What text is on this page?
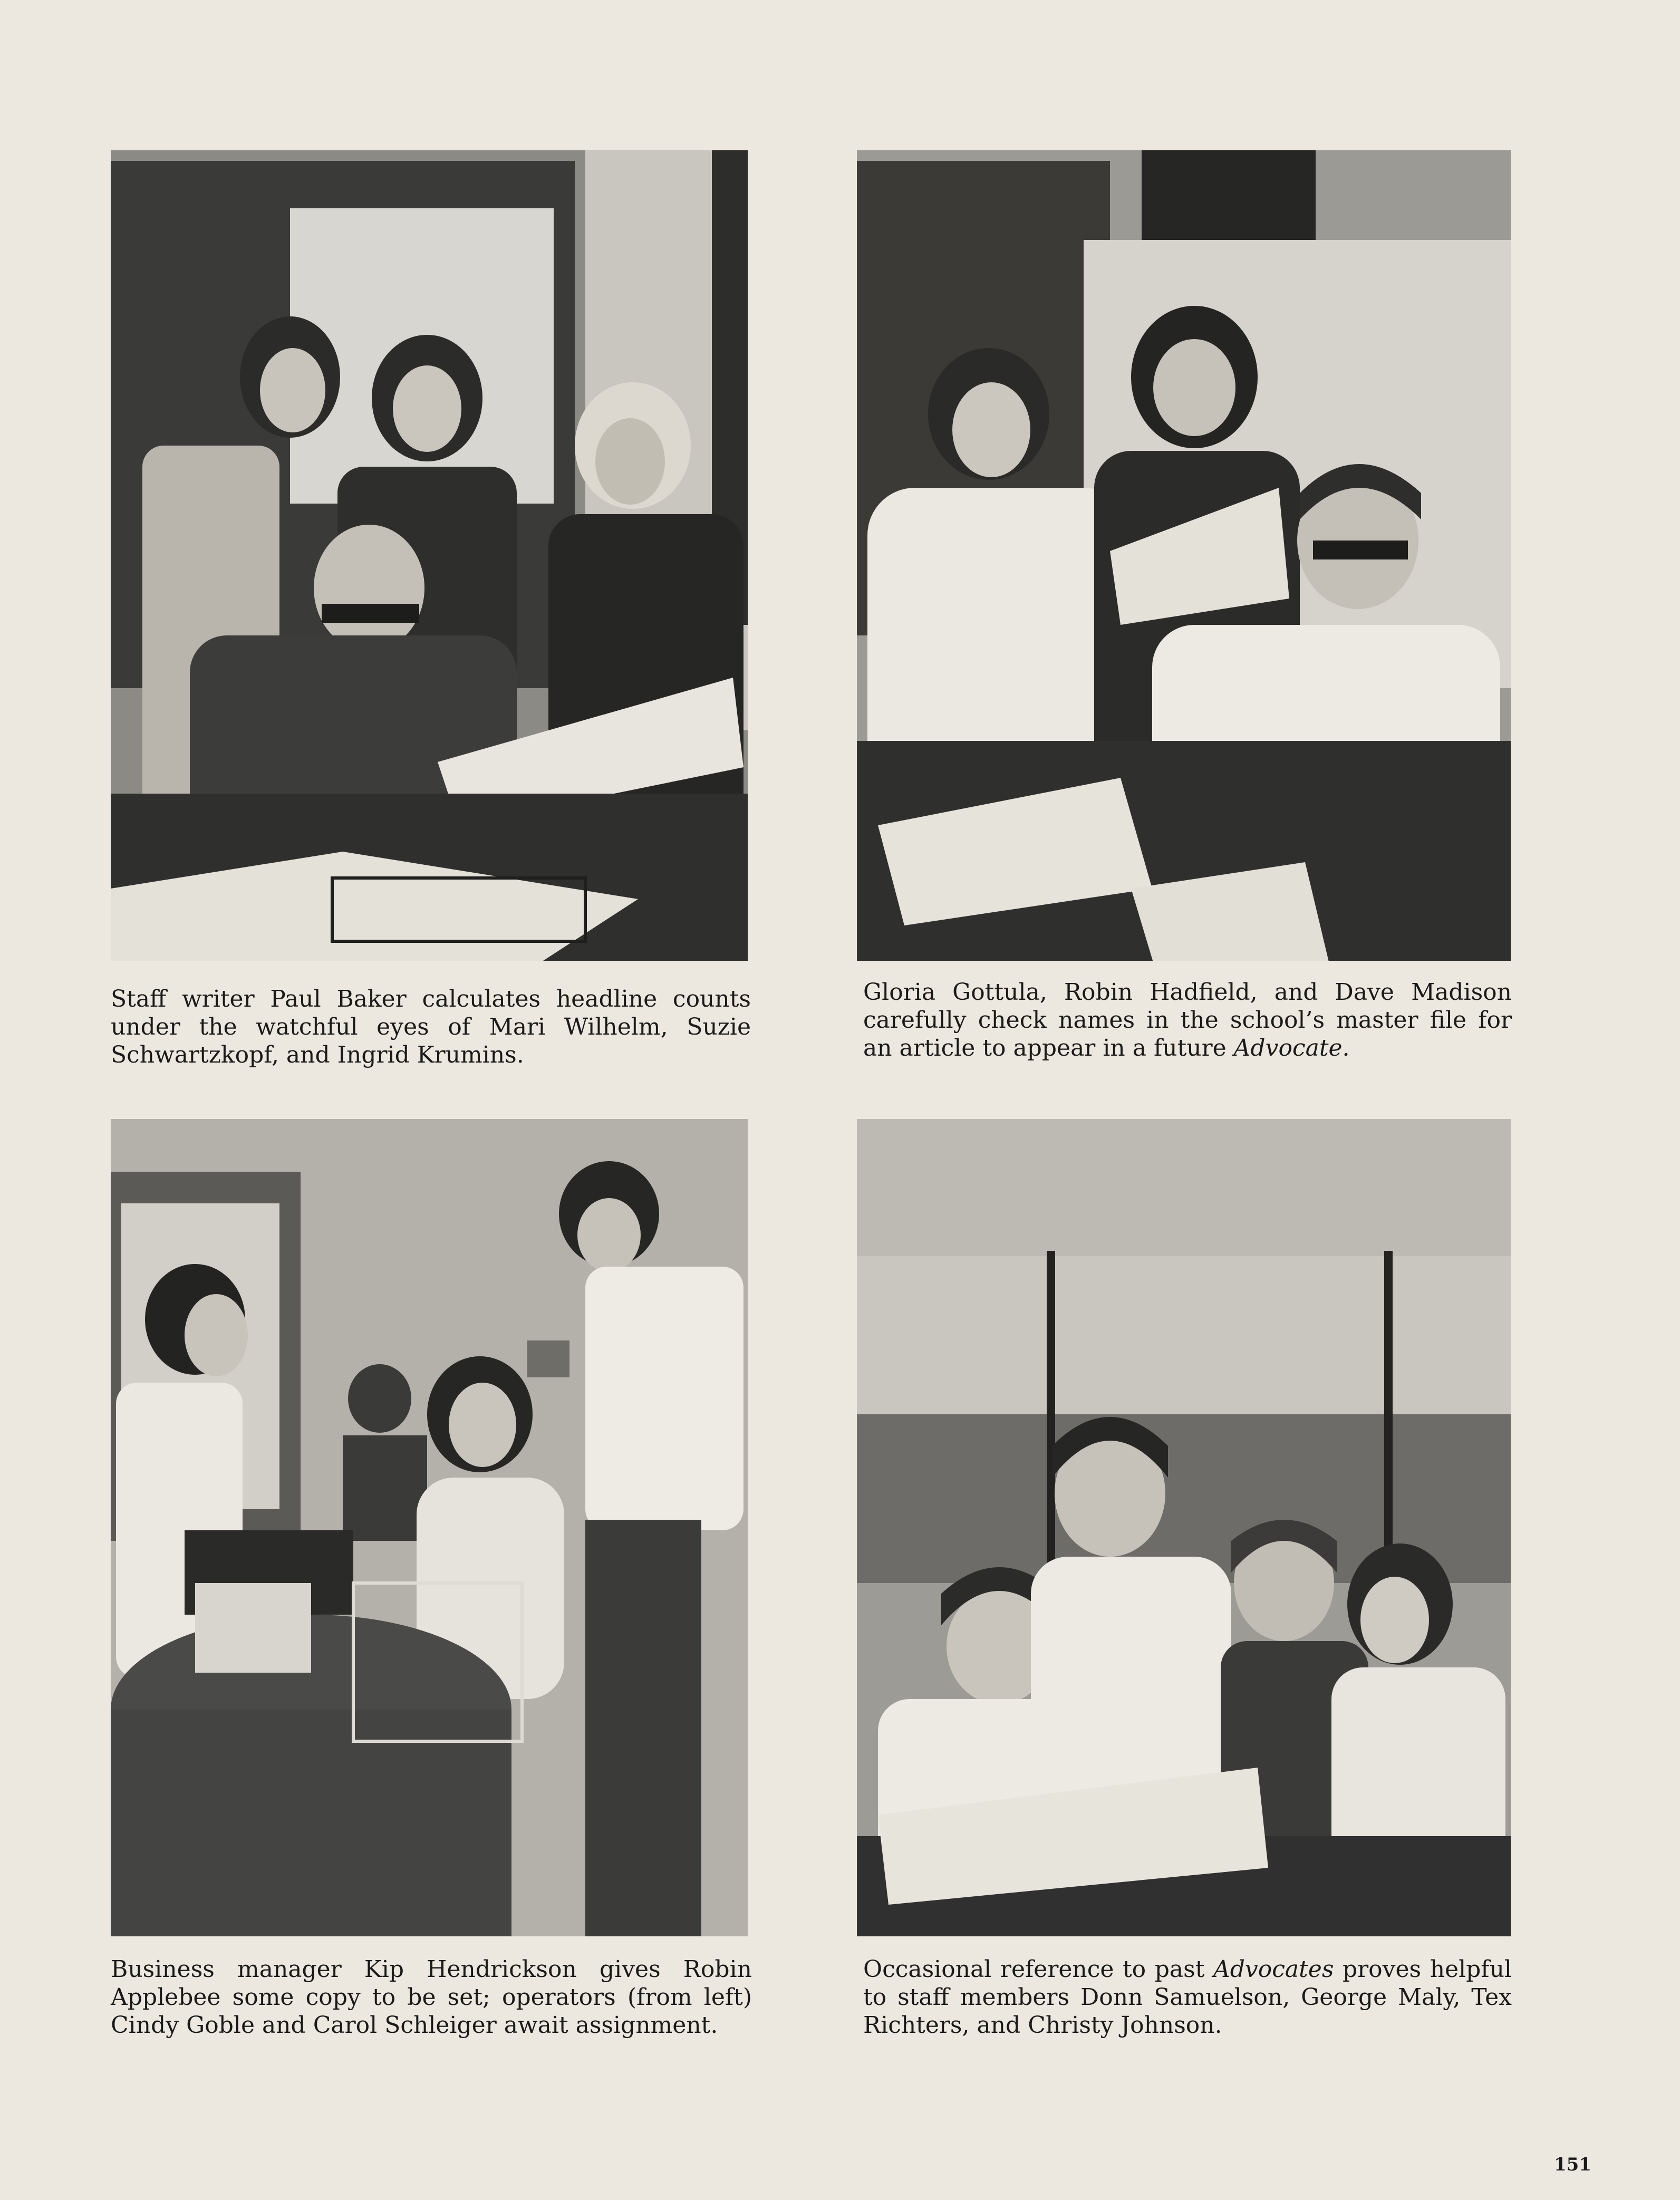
Staff writer Paul Baker calculates headline counts under the watchful eyes of Mari Wilhelm, Suzie Schwartzkopf, and Ingrid Krumins.

Gloria Gottula, Robin Hadfield, and Dave Madison carefully check names in the school’s master file for an article to appear in a future Advocate.

Business manager Kip Hendrickson gives Robin Applebee some copy to be set; operators (from left) Cindy Goble and Carol Schleiger await assignment.

Occasional reference to past Advocates proves helpful to staff members Donn Samuelson, George Maly, Tex Richters, and Christy Johnson.

151
